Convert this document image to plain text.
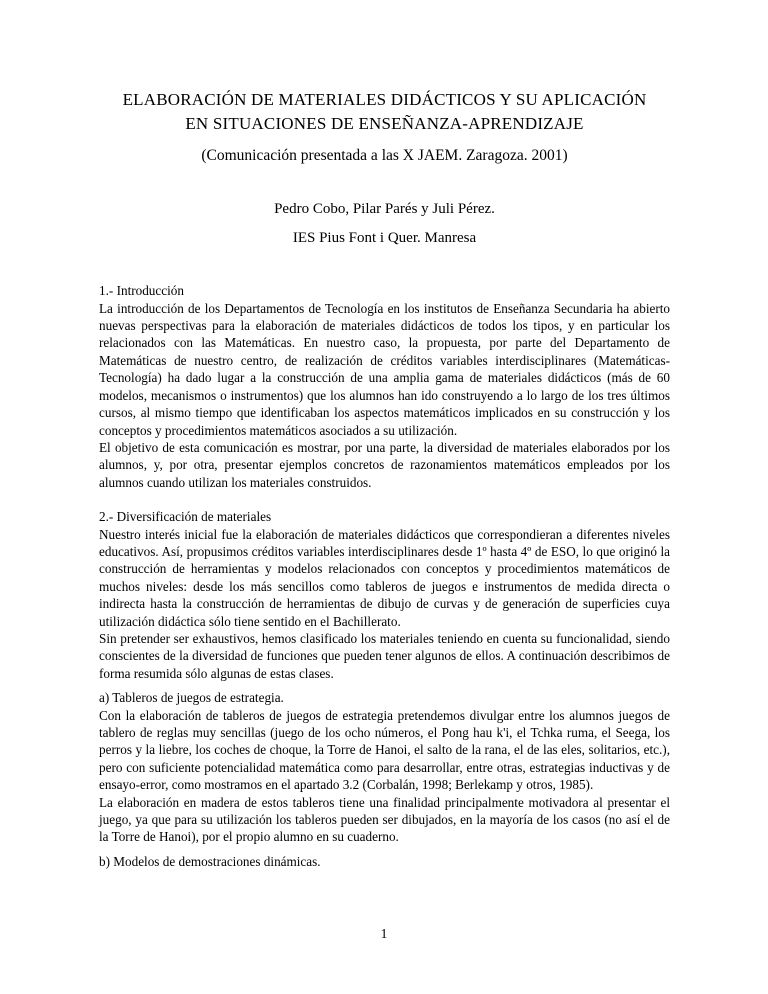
ELABORACIÓN DE MATERIALES DIDÁCTICOS Y SU APLICACIÓN
EN SITUACIONES DE ENSEÑANZA-APRENDIZAJE
(Comunicación presentada a las X JAEM. Zaragoza. 2001)
Pedro Cobo, Pilar Parés y Juli Pérez.
IES Pius Font i Quer. Manresa
1.- Introducción

La introducción de los Departamentos de Tecnología en los institutos de Enseñanza Secundaria ha abierto nuevas perspectivas para la elaboración de materiales didácticos de todos los tipos, y en particular los relacionados con las Matemáticas. En nuestro caso, la propuesta, por parte del Departamento de Matemáticas de nuestro centro, de realización de créditos variables interdisciplinares (Matemáticas-Tecnología) ha dado lugar a la construcción de una amplia gama de materiales didácticos (más de 60 modelos, mecanismos o instrumentos) que los alumnos han ido construyendo a lo largo de los tres últimos cursos, al mismo tiempo que identificaban los aspectos matemáticos implicados en su construcción y los conceptos y procedimientos matemáticos asociados a su utilización.

El objetivo de esta comunicación es mostrar, por una parte, la diversidad de materiales elaborados por los alumnos, y, por otra, presentar ejemplos concretos de razonamientos matemáticos empleados por los alumnos cuando utilizan los materiales construidos.

2.- Diversificación de materiales

Nuestro interés inicial fue la elaboración de materiales didácticos que correspondieran a diferentes niveles educativos. Así, propusimos créditos variables interdisciplinares desde 1º hasta 4º de ESO, lo que originó la construcción de herramientas y modelos relacionados con conceptos y procedimientos matemáticos de muchos niveles: desde los más sencillos como tableros de juegos e instrumentos de medida directa o indirecta hasta la construcción de herramientas de dibujo de curvas y de generación de superficies cuya utilización didáctica sólo tiene sentido en el Bachillerato.

Sin pretender ser exhaustivos, hemos clasificado los materiales teniendo en cuenta su funcionalidad, siendo conscientes de la diversidad de funciones que pueden tener algunos de ellos. A continuación describimos de forma resumida sólo algunas de estas clases.

a) Tableros de juegos de estrategia.

Con la elaboración de tableros de juegos de estrategia pretendemos divulgar entre los alumnos juegos de tablero de reglas muy sencillas (juego de los ocho números, el Pong hau k'i, el Tchka ruma, el Seega, los perros y la liebre, los coches de choque, la Torre de Hanoi, el salto de la rana, el de las eles, solitarios, etc.), pero con suficiente potencialidad matemática como para desarrollar, entre otras, estrategias inductivas y de ensayo-error, como mostramos en el apartado 3.2 (Corbalán, 1998; Berlekamp y otros, 1985).

La elaboración en madera de estos tableros tiene una finalidad principalmente motivadora al presentar el juego, ya que para su utilización los tableros pueden ser dibujados, en la mayoría de los casos (no así el de la Torre de Hanoi), por el propio alumno en su cuaderno.

b) Modelos de demostraciones dinámicas.
1
